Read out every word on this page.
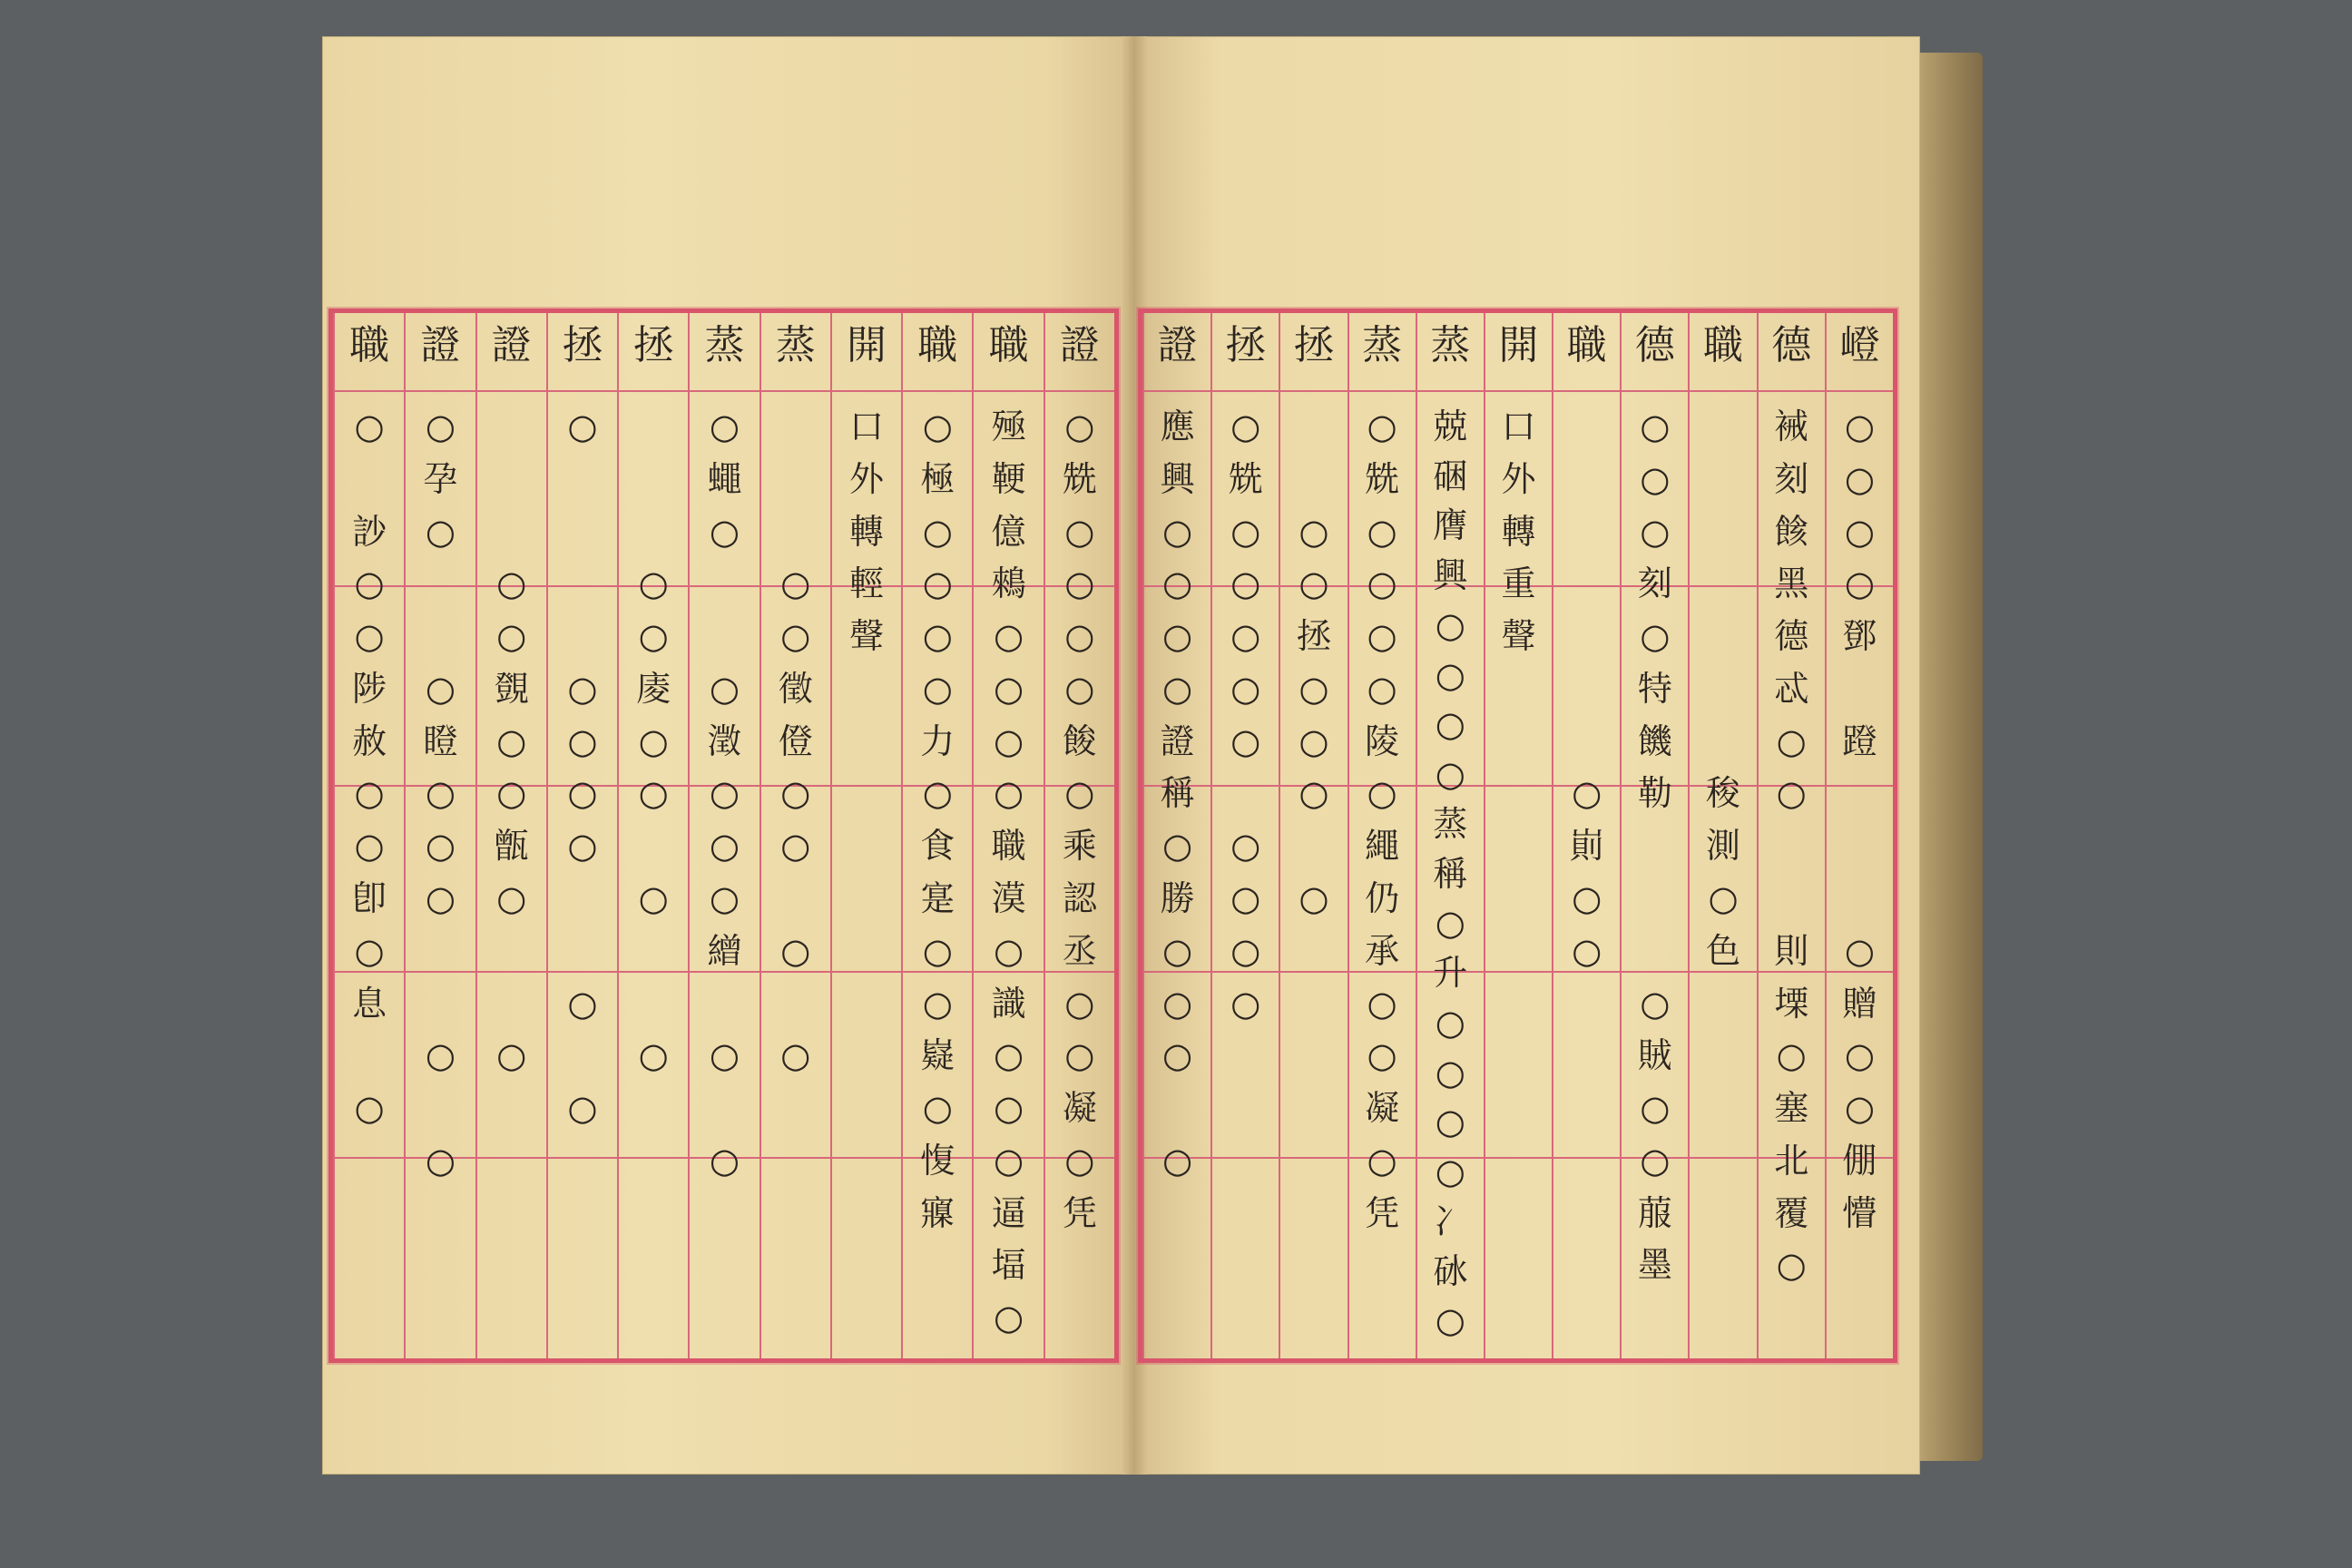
職
○
訬
○
○
陟
赦
○
○
卽
○
息
○
證
○
孕
○
○
瞪
○
○
○
○
○
證
○
○
覴
○
○
甑
○
○
拯
○
○
○
○
○
○
○
拯
○
○
庱
○
○
○
○
蒸
○
蠅
○
○
澂
○
○
○
繒
○
○
蒸
○
○
徵
僜
○
○
○
○
開
口
外
轉
輕
聲
職
○
極
○
○
○
○
力
○
食
寔
○
○
嶷
○
愎
寱
職
殛
鞕
億
鶆
○
○
○
○
職
漠
○
識
○
○
○
逼
堛
○
證
○
兟
○
○
○
○
餕
○
乘
認
丞
○
○
凝
○
凭
證
應
興
○
○
○
○
證
稱
○
勝
○
○
○
○
拯
○
兟
○
○
○
○
○
○
○
○
○
拯
○
○
拯
○
○
○
○
蒸
○
兟
○
○
○
○
陵
○
繩
仍
承
○
○
凝
○
凭
蒸
兢
硱
膺
興
○
○
○
○
蒸
稱
○
升
○
○
○
○
冫
砅
○
開
口
外
轉
重
聲
職
○
崱
○
○
德
○
○
○
刻
○
特
饑
勒
○
賊
○
○
菔
墨
職
稄
測
○
色
德
裓
刻
餩
黑
德
忒
○
○
則
塛
○
塞
北
覆
○
嶝
○
○
○
○
鄧
蹬
○
贈
○
○
倗
懵
